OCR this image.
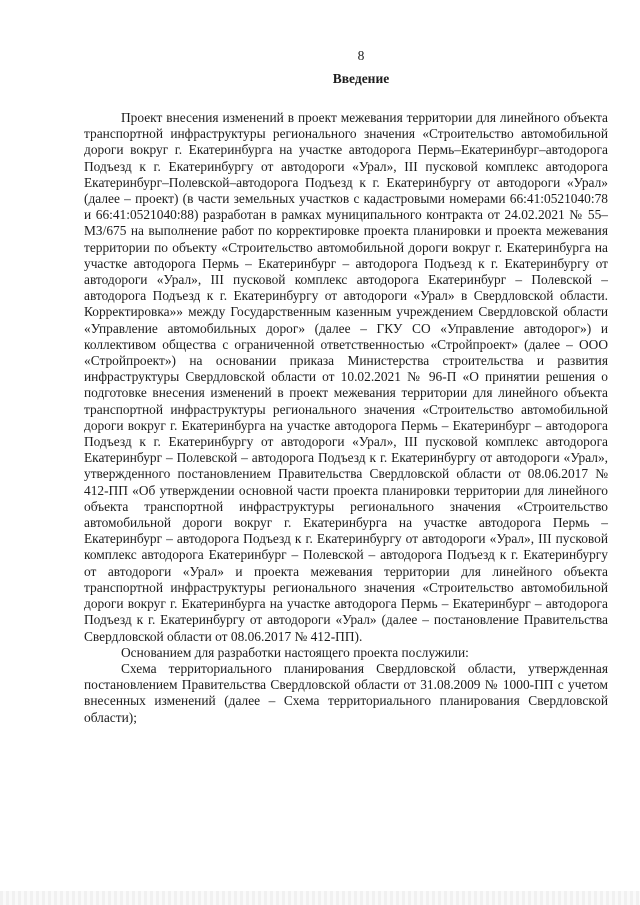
8
Введение

Проект внесения изменений в проект межевания территории для линейного объекта транспортной инфраструктуры регионального значения «Строительство автомобильной дороги вокруг г. Екатеринбурга на участке автодорога Пермь–Екатеринбург–автодорога Подъезд к г. Екатеринбургу от автодороги «Урал», III пусковой комплекс автодорога Екатеринбург–Полевской–автодорога Подъезд к г. Екатеринбургу от автодороги «Урал» (далее – проект) (в части земельных участков с кадастровыми номерами 66:41:0521040:78 и 66:41:0521040:88) разработан в рамках муниципального контракта от 24.02.2021 № 55–МЗ/675 на выполнение работ по корректировке проекта планировки и проекта межевания территории по объекту «Строительство автомобильной дороги вокруг г. Екатеринбурга на участке автодорога Пермь – Екатеринбург – автодорога Подъезд к г. Екатеринбургу от автодороги «Урал», III пусковой комплекс автодорога Екатеринбург – Полевской – автодорога Подъезд к г. Екатеринбургу от автодороги «Урал» в Свердловской области. Корректировка»» между Государственным казенным учреждением Свердловской области «Управление автомобильных дорог» (далее – ГКУ СО «Управление автодорог») и коллективом общества с ограниченной ответственностью «Стройпроект» (далее – ООО «Стройпроект») на основании приказа Министерства строительства и развития инфраструктуры Свердловской области от 10.02.2021 № 96-П «О принятии решения о подготовке внесения изменений в проект межевания территории для линейного объекта транспортной инфраструктуры регионального значения «Строительство автомобильной дороги вокруг г. Екатеринбурга на участке автодорога Пермь – Екатеринбург – автодорога Подъезд к г. Екатеринбургу от автодороги «Урал», III пусковой комплекс автодорога Екатеринбург – Полевской – автодорога Подъезд к г. Екатеринбургу от автодороги «Урал», утвержденного постановлением Правительства Свердловской области от 08.06.2017 № 412-ПП «Об утверждении основной части проекта планировки территории для линейного объекта транспортной инфраструктуры регионального значения «Строительство автомобильной дороги вокруг г. Екатеринбурга на участке автодорога Пермь – Екатеринбург – автодорога Подъезд к г. Екатеринбургу от автодороги «Урал», III пусковой комплекс автодорога Екатеринбург – Полевской – автодорога Подъезд к г. Екатеринбургу от автодороги «Урал» и проекта межевания территории для линейного объекта транспортной инфраструктуры регионального значения «Строительство автомобильной дороги вокруг г. Екатеринбурга на участке автодорога Пермь – Екатеринбург – автодорога Подъезд к г. Екатеринбургу от автодороги «Урал» (далее – постановление Правительства Свердловской области от 08.06.2017 № 412-ПП).

Основанием для разработки настоящего проекта послужили:

Схема территориального планирования Свердловской области, утвержденная постановлением Правительства Свердловской области от 31.08.2009 № 1000-ПП с учетом внесенных изменений (далее – Схема территориального планирования Свердловской области);
